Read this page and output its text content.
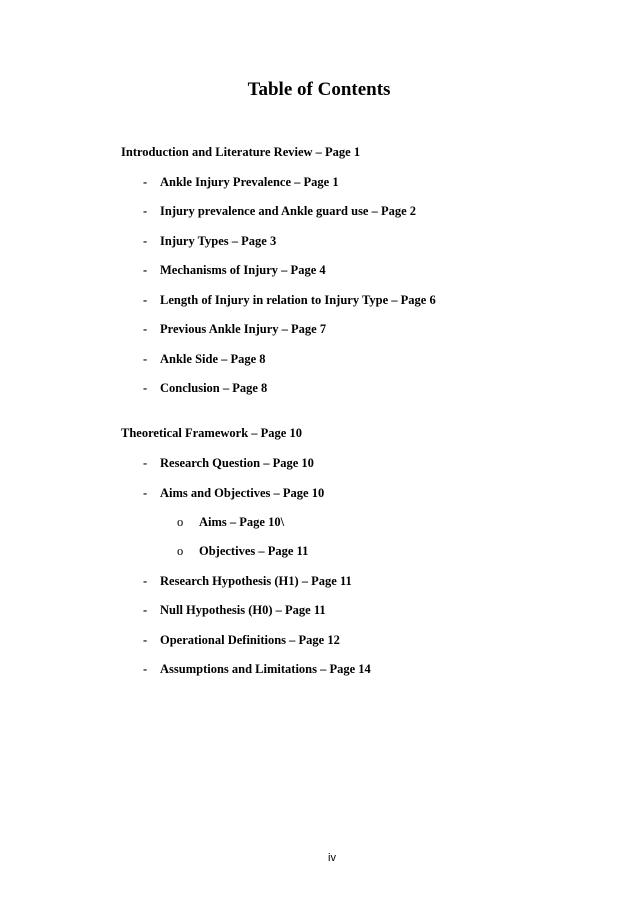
Table of Contents
Introduction and Literature Review – Page 1
- Ankle Injury Prevalence – Page 1
- Injury prevalence and Ankle guard use – Page 2
- Injury Types – Page 3
- Mechanisms of Injury – Page 4
- Length of Injury in relation to Injury Type – Page 6
- Previous Ankle Injury – Page 7
- Ankle Side – Page 8
- Conclusion – Page 8
Theoretical Framework – Page 10
- Research Question – Page 10
- Aims and Objectives – Page 10
o Aims – Page 10\
o Objectives – Page 11
- Research Hypothesis (H1) – Page 11
- Null Hypothesis (H0) – Page 11
- Operational Definitions – Page 12
- Assumptions and Limitations – Page 14
iv
